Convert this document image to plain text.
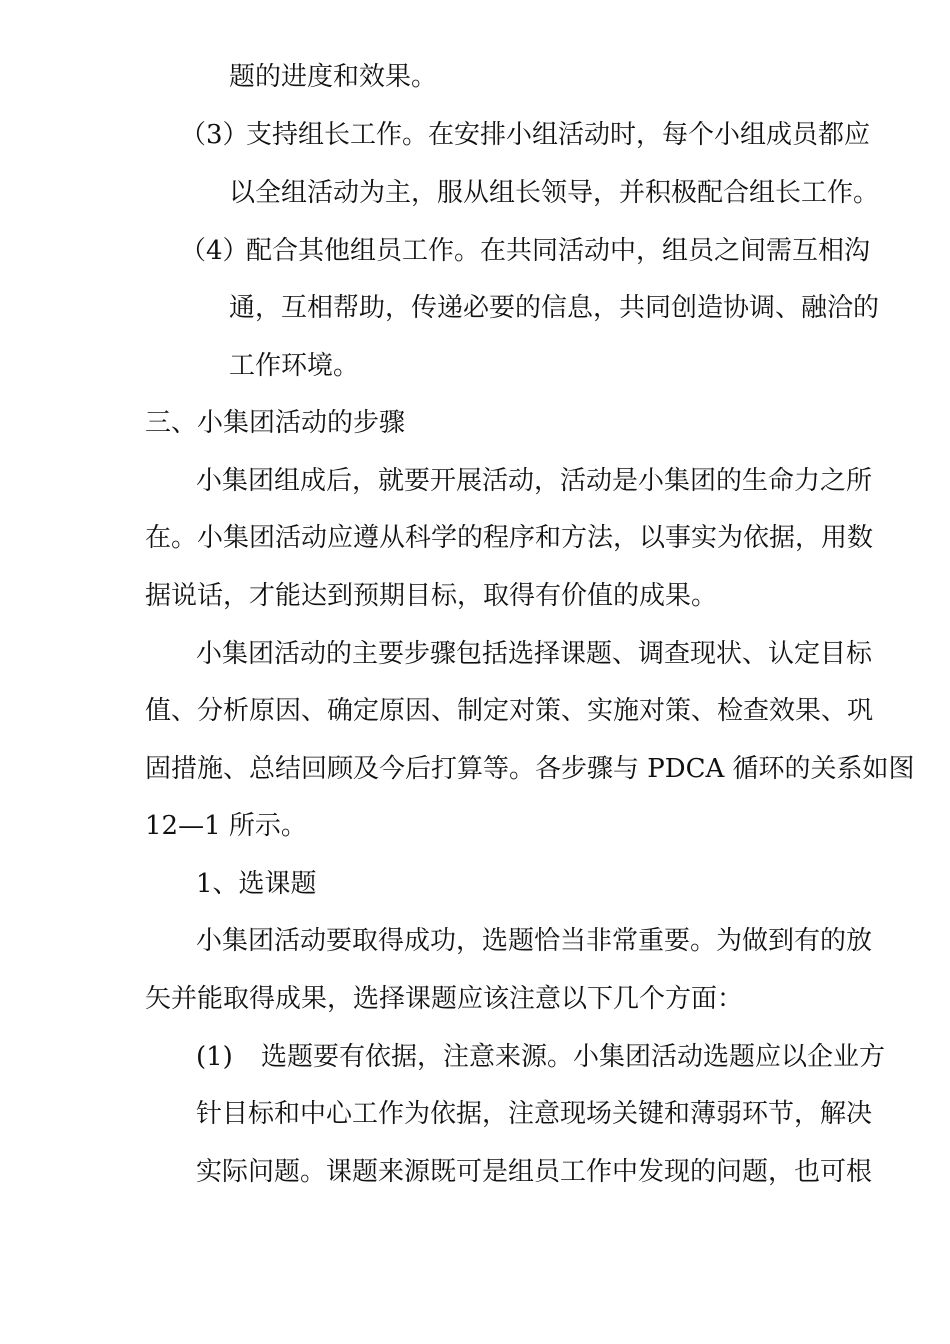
题的进度和效果。
（3）
支持组长工作。在安排小组活动时，每个小组成员都应
以全组活动为主，服从组长领导，并积极配合组长工作。
（4）
配合其他组员工作。在共同活动中，组员之间需互相沟
通，互相帮助，传递必要的信息，共同创造协调、融洽的
工作环境。
三、小集团活动的步骤
小集团组成后，就要开展活动，活动是小集团的生命力之所
在。小集团活动应遵从科学的程序和方法，以事实为依据，用数
据说话，才能达到预期目标，取得有价值的成果。
小集团活动的主要步骤包括选择课题、调查现状、认定目标
值、分析原因、确定原因、制定对策、实施对策、检查效果、巩
固措施、总结回顾及今后打算等。各步骤与 PDCA 循环的关系如图
12—1 所示。
1、选课题
小集团活动要取得成功，选题恰当非常重要。为做到有的放
矢并能取得成果，选择课题应该注意以下几个方面：
(1) 选题要有依据，注意来源。小集团活动选题应以企业方
针目标和中心工作为依据，注意现场关键和薄弱环节，解决
实际问题。课题来源既可是组员工作中发现的问题，也可根
